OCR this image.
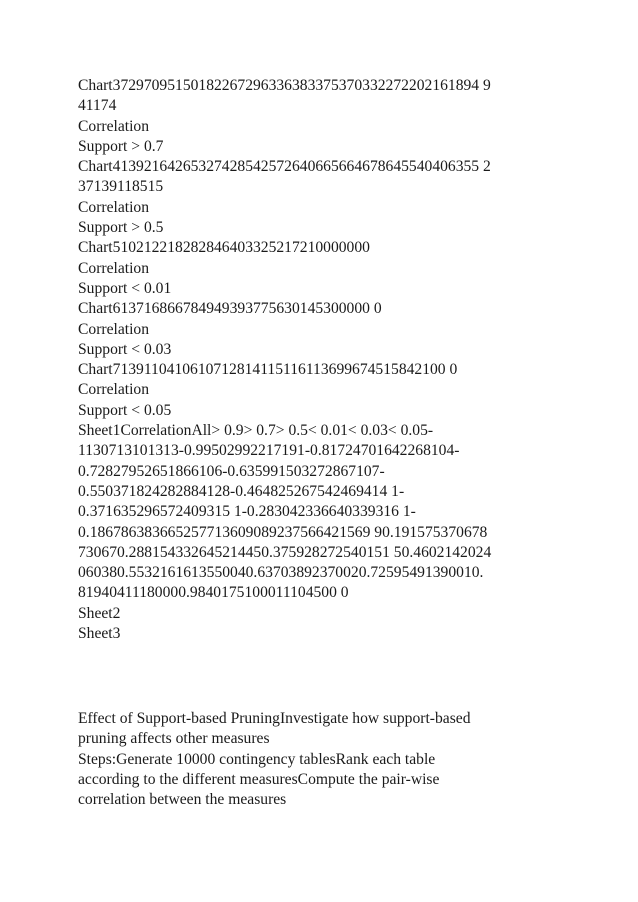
Chart37297095150182267296336383375370332272202161894 9
41174
Correlation
Support > 0.7
Chart41392164265327428542572640665664678645540406355 2
37139118515
Correlation
Support > 0.5
Chart510212218282846403325217210000000
Correlation
Support < 0.01
Chart613716866784949393775630145300000 0
Correlation
Support < 0.03
Chart7139110410610712814115116113699674515842100 0
Correlation
Support < 0.05
Sheet1CorrelationAll> 0.9> 0.7> 0.5< 0.01< 0.03< 0.05-
1130713101313-0.99502992217191-0.81724701642268104-
0.72827952651866106-0.635991503272867107-
0.550371824282884128-0.464825267542469414 1-
0.371635296572409315 1-0.283042336640339316 1-
0.186786383665257713609089237566421569 90.191575370678
730670.288154332645214450.375928272540151 50.4602142024
060380.5532161613550040.63703892370020.72595491390010.
81940411180000.9840175100011104500 0
Sheet2
Sheet3
Effect of Support-based PruningInvestigate how support-based
pruning affects other measures
Steps:Generate 10000 contingency tablesRank each table
according to the different measuresCompute the pair-wise
correlation between the measures
